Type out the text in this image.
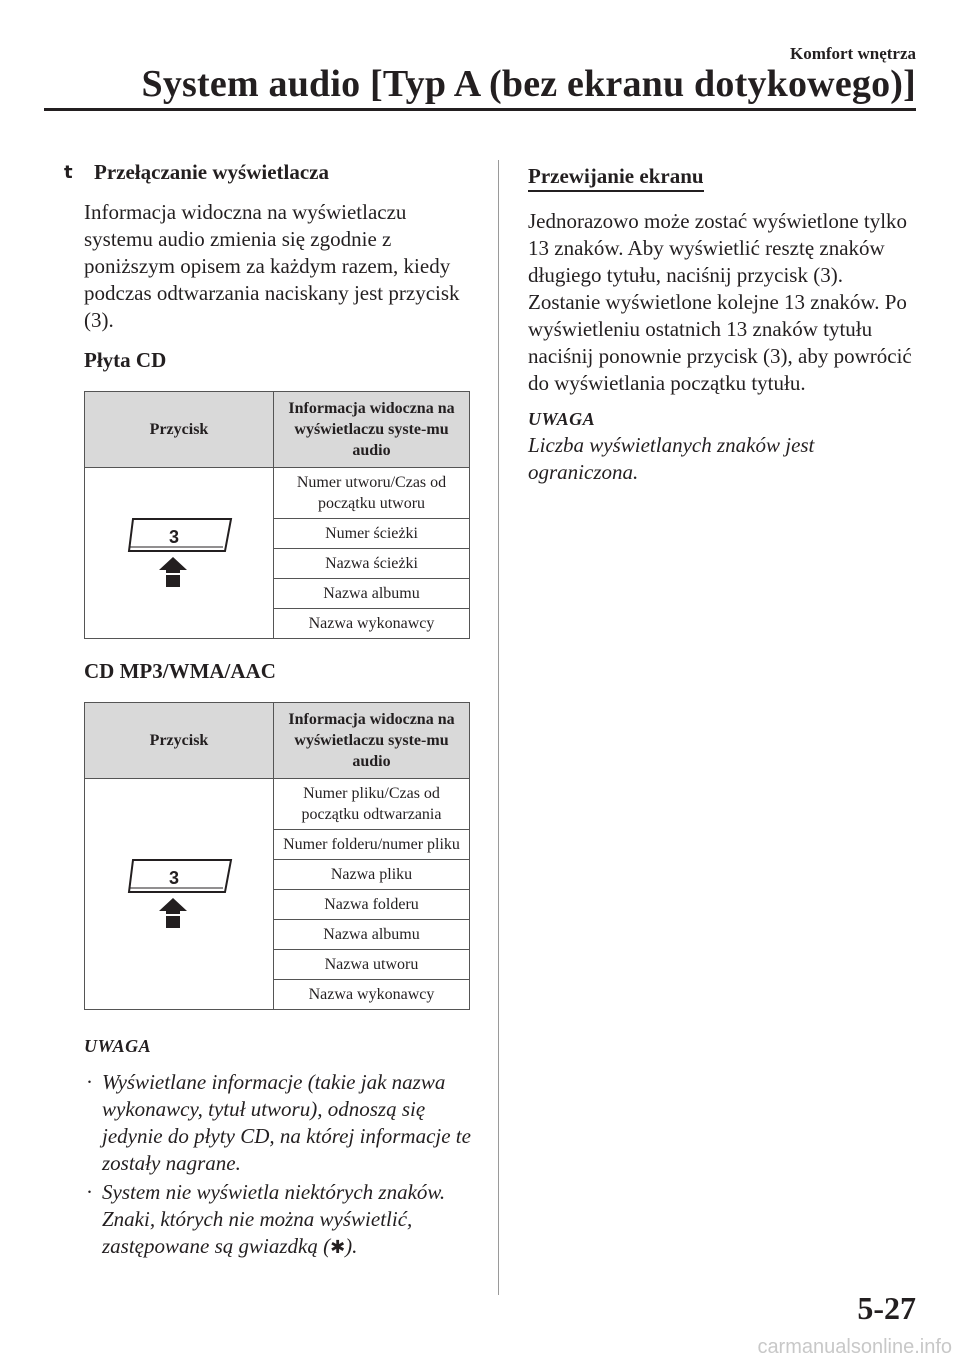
Komfort wnętrza
System audio [Typ A (bez ekranu dotykowego)]
t	Przełączanie wyświetlacza

Informacja widoczna na wyświetlaczu systemu audio zmienia się zgodnie z poniższym opisem za każdym razem, kiedy podczas odtwarzania naciskany jest przycisk (3).

Płyta CD
Przycisk	Informacja widoczna na wyświetlaczu syste-mu audio

3	Numer utworu/Czas od początku utworu
	Numer ścieżki
	Nazwa ścieżki
	Nazwa albumu
	Nazwa wykonawcy
CD MP3/WMA/AAC
Przycisk	Informacja widoczna na wyświetlaczu syste-mu audio

3	Numer pliku/Czas od początku odtwarzania
	Numer folderu/numer pliku
	Nazwa pliku
	Nazwa folderu
	Nazwa albumu
	Nazwa utworu
	Nazwa wykonawcy
UWAGA
· Wyświetlane informacje (takie jak nazwa wykonawcy, tytuł utworu), odnoszą się jedynie do płyty CD, na której informacje te zostały nagrane.
· System nie wyświetla niektórych znaków. Znaki, których nie można wyświetlić, zastępowane są gwiazdką (✱).
Przewijanie ekranu

Jednorazowo może zostać wyświetlone tylko 13 znaków. Aby wyświetlić resztę znaków długiego tytułu, naciśnij przycisk (3). Zostanie wyświetlone kolejne 13 znaków. Po wyświetleniu ostatnich 13 znaków tytułu naciśnij ponownie przycisk (3), aby powrócić do wyświetlania początku tytułu.

UWAGA

Liczba wyświetlanych znaków jest ograniczona.

5-27
carmanualsonline.info
